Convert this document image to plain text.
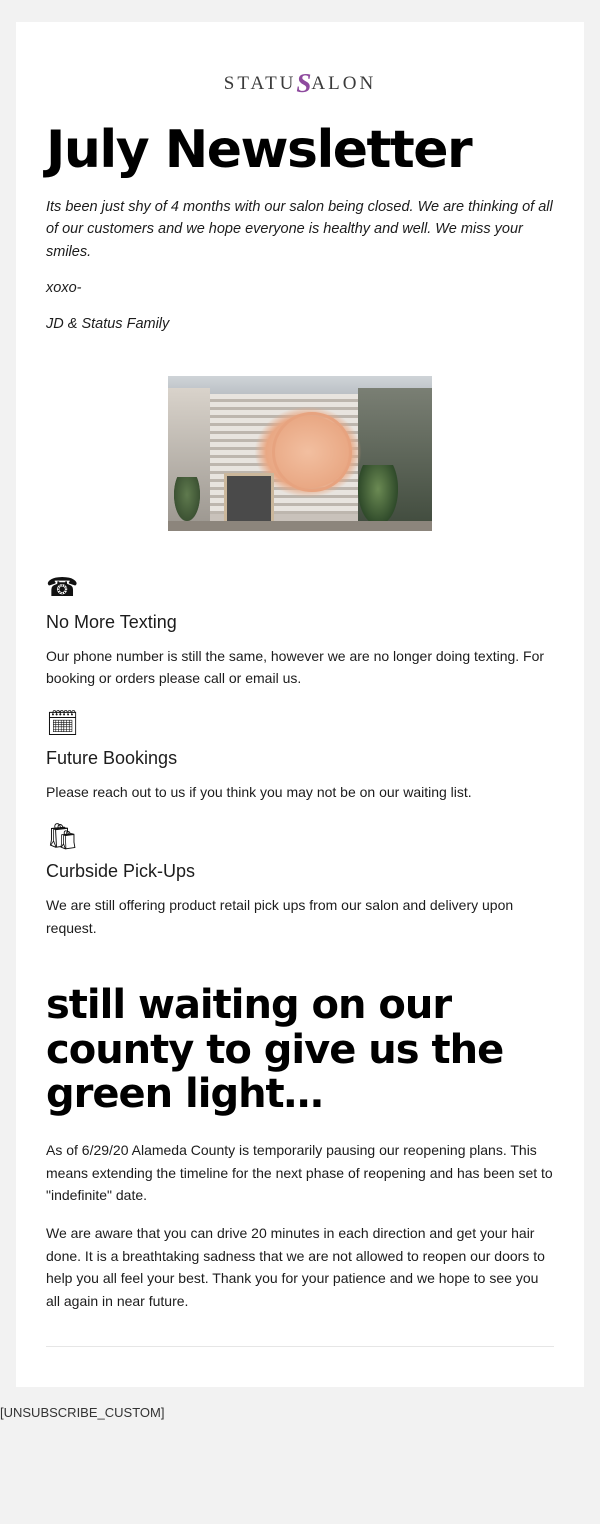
STATUSALON
July Newsletter

Its been just shy of 4 months with our salon being closed. We are thinking of all of our customers and we hope everyone is healthy and well. We miss your smiles.

xoxo-

JD & Status Family

☎
No More Texting

Our phone number is still the same, however we are no longer doing texting. For booking or orders please call or email us.

🗓
Future Bookings

Please reach out to us if you think you may not be on our waiting list.

🛍
Curbside Pick-Ups

We are still offering product retail pick ups from our salon and delivery upon request.

still waiting on our county to give us the green light…

As of 6/29/20 Alameda County is temporarily pausing our reopening plans. This means extending the timeline for the next phase of reopening and has been set to "indefinite" date.

We are aware that you can drive 20 minutes in each direction and get your hair done. It is a breathtaking sadness that we are not allowed to reopen our doors to help you all feel your best. Thank you for your patience and we hope to see you all again in near future.

[UNSUBSCRIBE_CUSTOM]
